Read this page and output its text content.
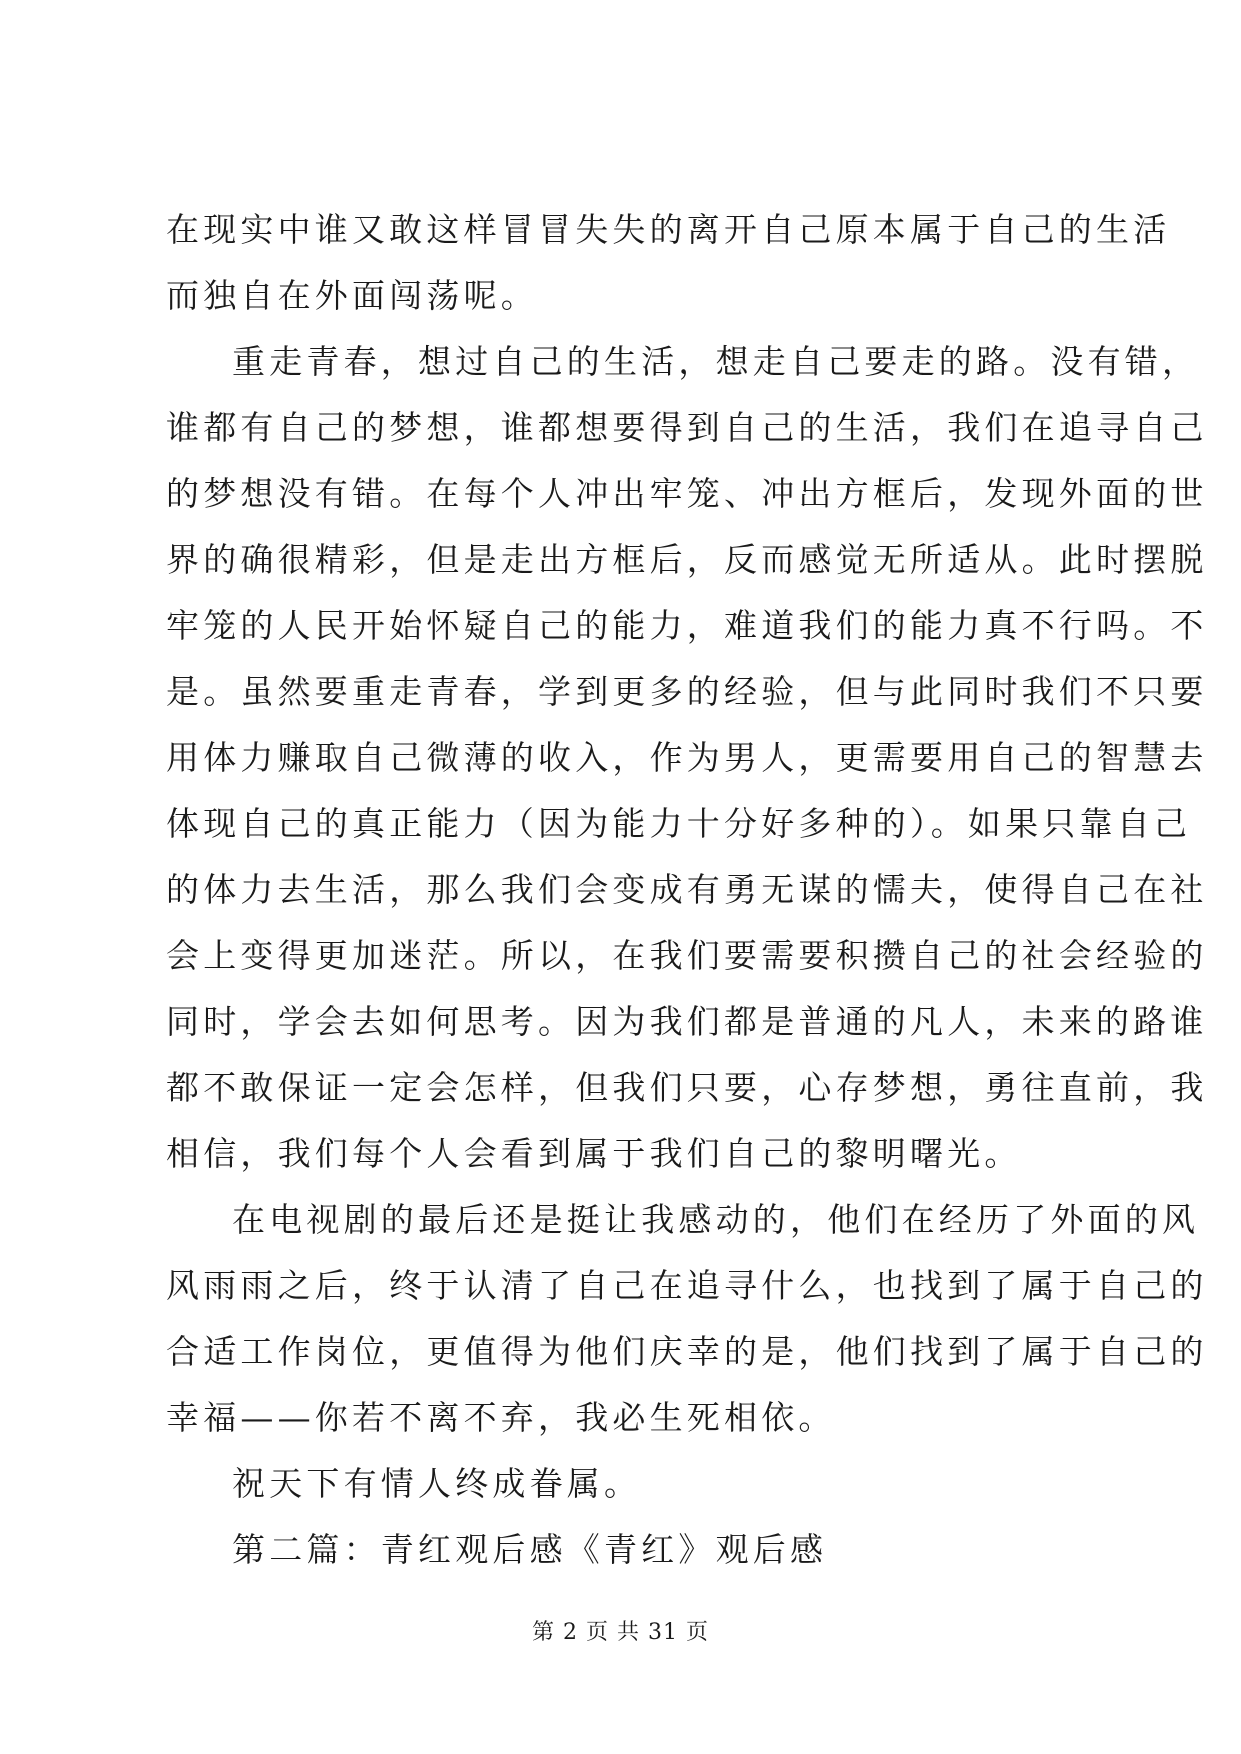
在现实中谁又敢这样冒冒失失的离开自己原本属于自己的生活
而独自在外面闯荡呢。
重走青春，想过自己的生活，想走自己要走的路。没有错，
谁都有自己的梦想，谁都想要得到自己的生活，我们在追寻自己
的梦想没有错。在每个人冲出牢笼、冲出方框后，发现外面的世
界的确很精彩，但是走出方框后，反而感觉无所适从。此时摆脱
牢笼的人民开始怀疑自己的能力，难道我们的能力真不行吗。不
是。虽然要重走青春，学到更多的经验，但与此同时我们不只要
用体力赚取自己微薄的收入，作为男人，更需要用自己的智慧去
体现自己的真正能力（因为能力十分好多种的）。如果只靠自己
的体力去生活，那么我们会变成有勇无谋的懦夫，使得自己在社
会上变得更加迷茫。所以，在我们要需要积攒自己的社会经验的
同时，学会去如何思考。因为我们都是普通的凡人，未来的路谁
都不敢保证一定会怎样，但我们只要，心存梦想，勇往直前，我
相信，我们每个人会看到属于我们自己的黎明曙光。
在电视剧的最后还是挺让我感动的，他们在经历了外面的风
风雨雨之后，终于认清了自己在追寻什么，也找到了属于自己的
合适工作岗位，更值得为他们庆幸的是，他们找到了属于自己的
幸福——你若不离不弃，我必生死相依。
祝天下有情人终成眷属。
第二篇：青红观后感《青红》观后感
第 2 页 共 31 页
